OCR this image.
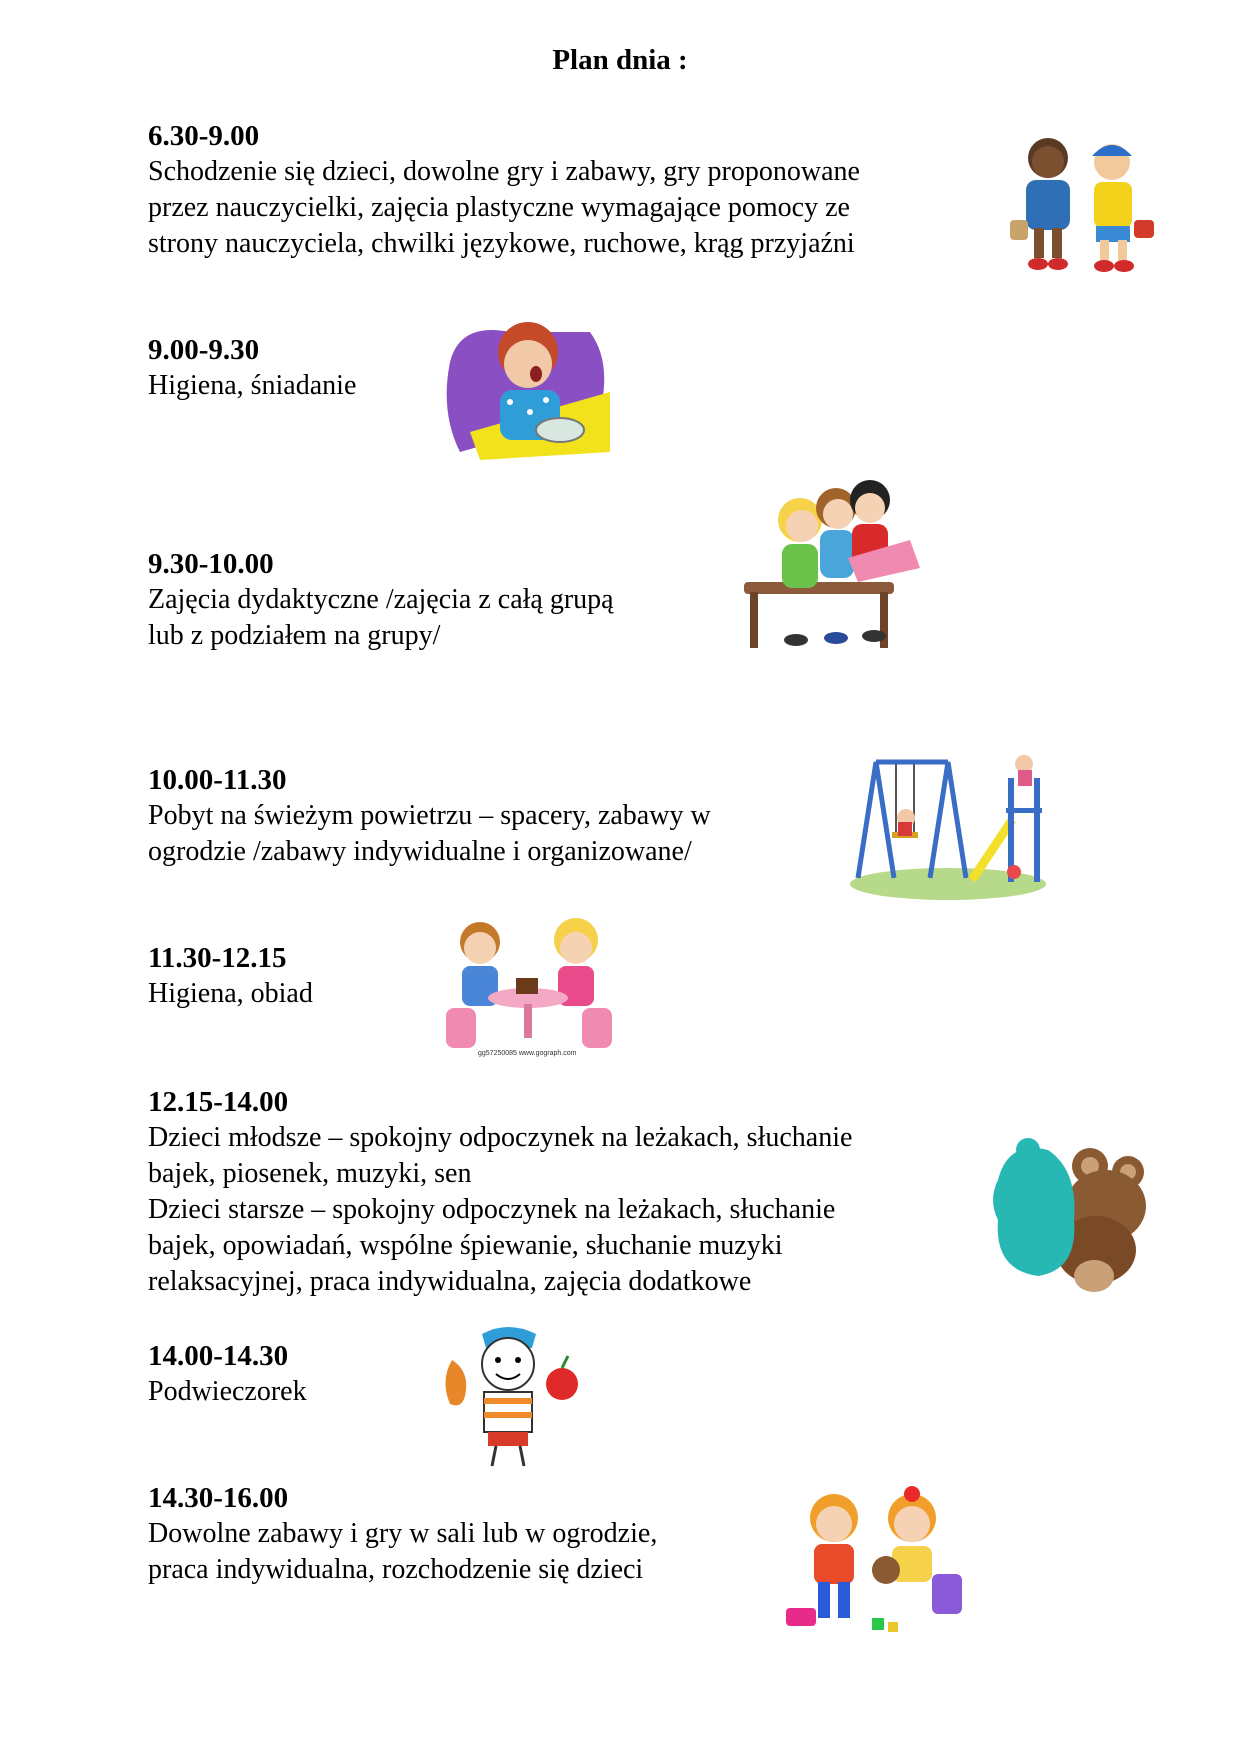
Plan dnia :
6.30-9.00

Schodzenie się dzieci, dowolne gry i zabawy, gry proponowane
przez nauczycielki, zajęcia plastyczne wymagające pomocy ze
strony nauczyciela, chwilki językowe, ruchowe, krąg przyjaźni

9.00-9.30

Higiena, śniadanie

9.30-10.00

Zajęcia dydaktyczne /zajęcia z całą grupą
lub z podziałem na grupy/

10.00-11.30

Pobyt na świeżym powietrzu – spacery, zabawy w
ogrodzie /zabawy indywidualne i organizowane/

11.30-12.15

Higiena, obiad

gg57250085 www.gograph.com
12.15-14.00

Dzieci młodsze – spokojny odpoczynek na leżakach, słuchanie
bajek, piosenek, muzyki, sen
Dzieci starsze – spokojny odpoczynek na leżakach, słuchanie
bajek, opowiadań, wspólne śpiewanie, słuchanie muzyki
relaksacyjnej, praca indywidualna, zajęcia dodatkowe

14.00-14.30

Podwieczorek

14.30-16.00

Dowolne zabawy i gry w sali lub w ogrodzie,
praca indywidualna, rozchodzenie się dzieci
